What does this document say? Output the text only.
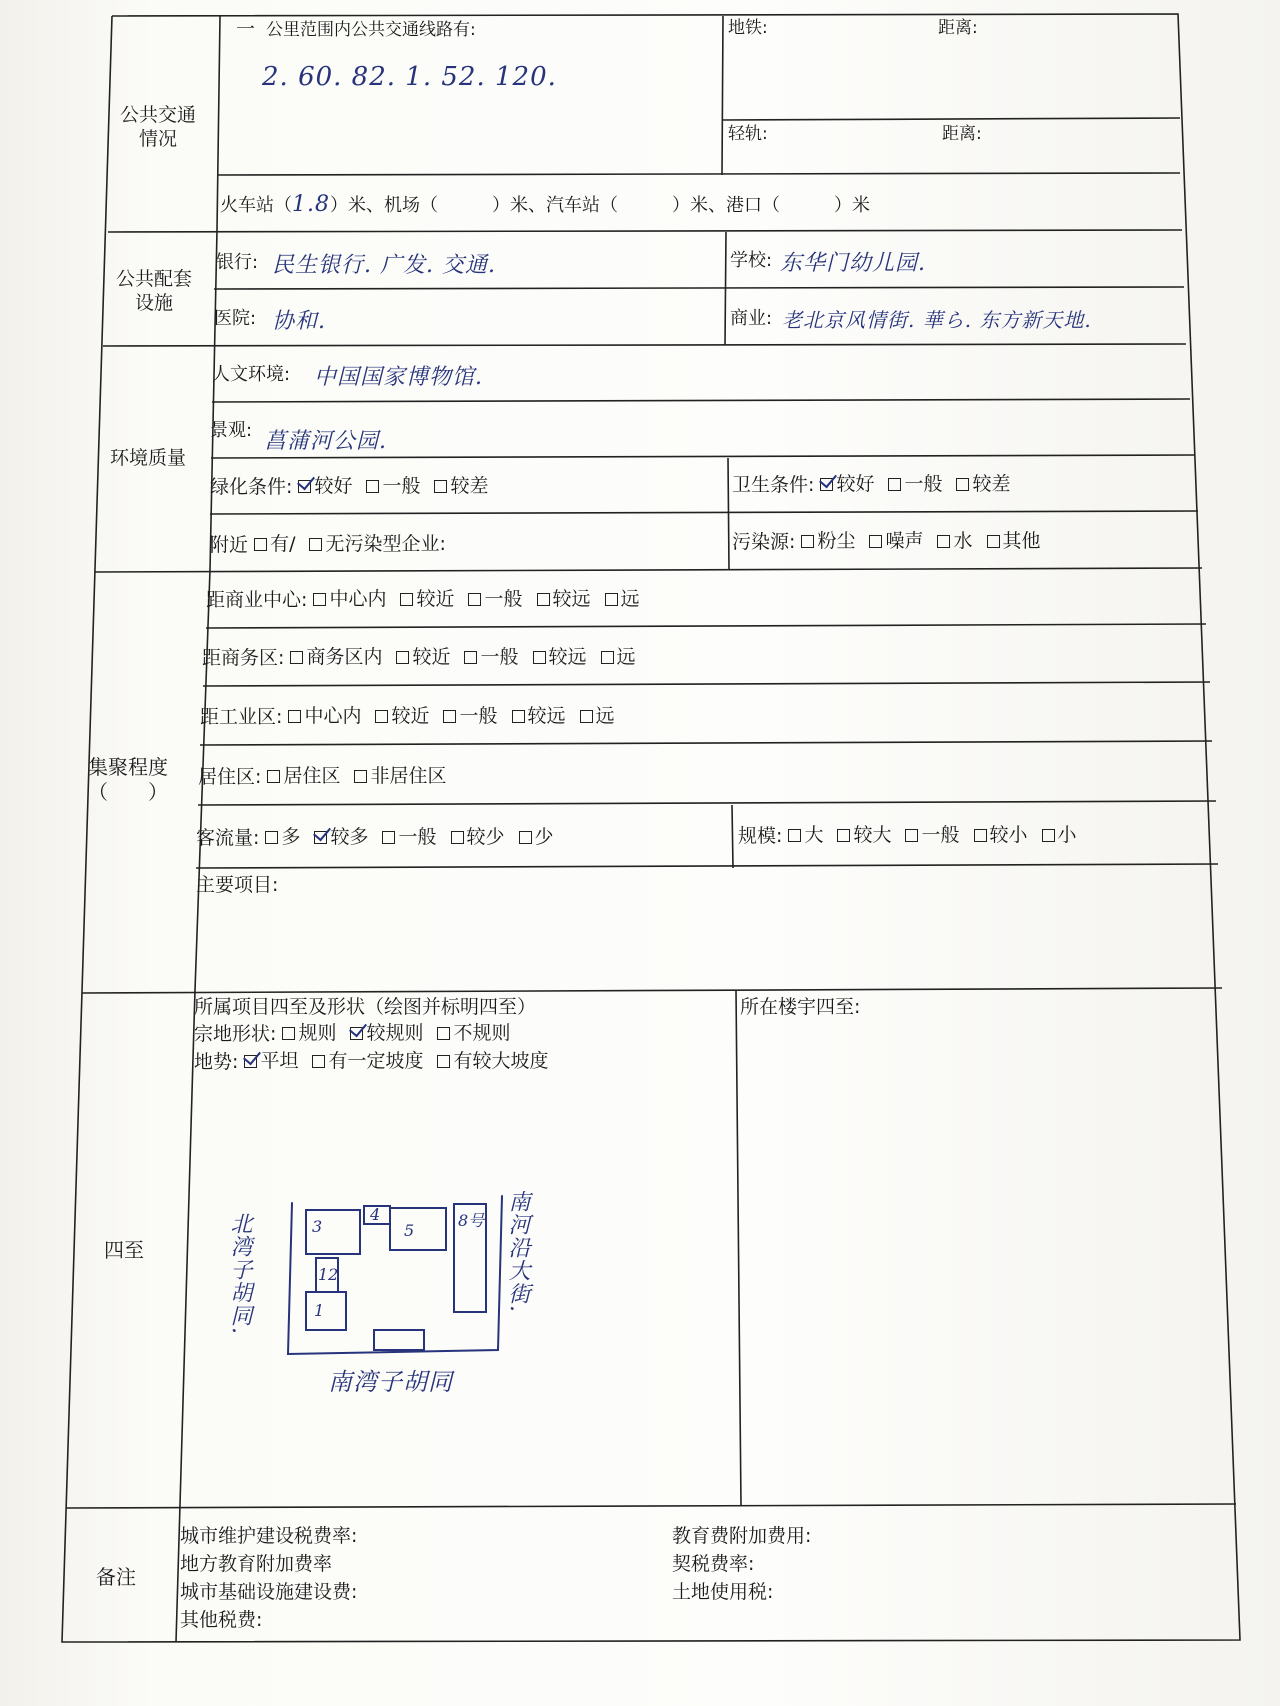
公共交通
情况
一 公里范围内公共交通线路有:
2. 60. 82. 1. 52. 120.
地铁:	距离:
轻轨:	距离:
火车站（1.8）米、机场（　　　）米、汽车站（　　　）米、港口（　　　）米
公共配套
设施
银行: 民生银行. 广发. 交通.	学校: 东华门幼儿园.
医院: 协和.	商业: 老北京风情街. 華ら. 东方新天地.
环境质量
人文环境: 中国国家博物馆.
景观: 菖蒲河公园.
绿化条件: 较好 一般 较差	卫生条件: 较好 一般 较差
附近 有/ 无污染型企业:	污染源: 粉尘 噪声 水 其他
集聚程度
（　　）
距商业中心: 中心内 较近 一般 较远 远
距商务区: 商务区内 较近 一般 较远 远
距工业区: 中心内 较近 一般 较远 远
居住区: 居住区 非居住区
客流量: 多 较多 一般 较少 少	规模: 大 较大 一般 较小 小
主要项目:
四至
所属项目四至及形状（绘图并标明四至）
宗地形状: 规则 较规则 不规则
地势: 平坦 有一定坡度 有较大坡度
所在楼宇四至:
3
4
5
8号
12
1
北湾子胡同.	南河沿大街.
南湾子胡同
备注
城市维护建设税费率:
地方教育附加费率
城市基础设施建设费:
其他税费:
教育费附加费用:
契税费率:
土地使用税:
